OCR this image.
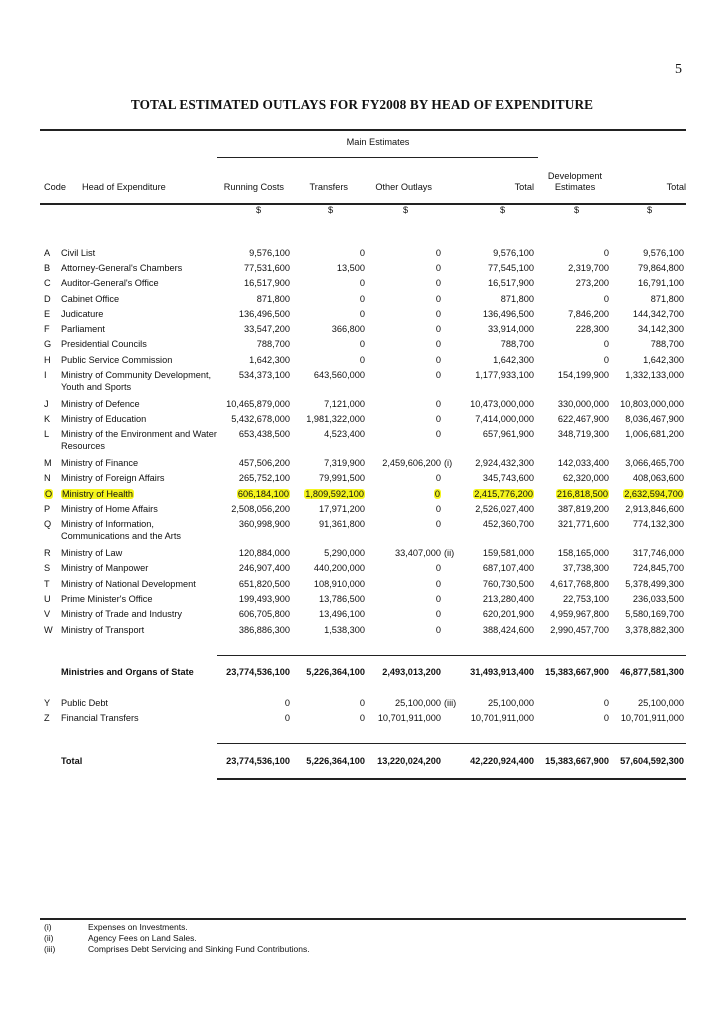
5
TOTAL ESTIMATED OUTLAYS FOR FY2008 BY HEAD OF EXPENDITURE
Main Estimates
Code Head of Expenditure	Running Costs	Transfers	Other Outlays	Total
Development
Estimates	Total
$	$	$	$	$	$
A Civil List	9,576,100	0	0	9,576,100	0	9,576,100
B Attorney-General's Chambers	77,531,600	13,500	0	77,545,100	2,319,700	79,864,800
C Auditor-General's Office	16,517,900	0	0	16,517,900	273,200	16,791,100
D Cabinet Office	871,800	0	0	871,800	0	871,800
E Judicature	136,496,500	0	0	136,496,500	7,846,200	144,342,700
F Parliament	33,547,200	366,800	0	33,914,000	228,300	34,142,300
G Presidential Councils	788,700	0	0	788,700	0	788,700
H Public Service Commission	1,642,300	0	0	1,642,300	0	1,642,300
I Ministry of Community Development,
Youth and Sports
534,373,100	643,560,000	0	1,177,933,100	154,199,900 1,332,133,000
J Ministry of Defence	10,465,879,000	7,121,000	0	10,473,000,000	330,000,000 10,803,000,000
K Ministry of Education	5,432,678,000 1,981,322,000	0	7,414,000,000	622,467,900 8,036,467,900
L Ministry of the Environment and Water
Resources
653,438,500	4,523,400	0	657,961,900	348,719,300 1,006,681,200
M Ministry of Finance	457,506,200	7,319,900 2,459,606,200 (i)	2,924,432,300	142,033,400 3,066,465,700
N Ministry of Foreign Affairs	265,752,100	79,991,500	0	345,743,600	62,320,000	408,063,600
O Ministry of Health	606,184,100 1,809,592,100	0	2,415,776,200	216,818,500 2,632,594,700
P Ministry of Home Affairs	2,508,056,200	17,971,200	0	2,526,027,400	387,819,200 2,913,846,600
Q Ministry of Information,
Communications and the Arts
360,998,900	91,361,800	0	452,360,700	321,771,600	774,132,300
R Ministry of Law	120,884,000	5,290,000	33,407,000 (ii)	159,581,000	158,165,000	317,746,000
S Ministry of Manpower	246,907,400	440,200,000	0	687,107,400	37,738,300	724,845,700
T Ministry of National Development	651,820,500	108,910,000	0	760,730,500 4,617,768,800 5,378,499,300
U Prime Minister's Office	199,493,900	13,786,500	0	213,280,400	22,753,100	236,033,500
V Ministry of Trade and Industry	606,705,800	13,496,100	0	620,201,900 4,959,967,800 5,580,169,700
W Ministry of Transport	386,886,300	1,538,300	0	388,424,600 2,990,457,700 3,378,882,300
Ministries and Organs of State	23,774,536,100 5,226,364,100 2,493,013,200	31,493,913,400 15,383,667,900 46,877,581,300
Y Public Debt	0	0	25,100,000 (iii)	25,100,000	0	25,100,000
Z Financial Transfers	0	0 10,701,911,000	10,701,911,000	0 10,701,911,000
Total	23,774,536,100 5,226,364,100 13,220,024,200	42,220,924,400 15,383,667,900 57,604,592,300
(i)	Expenses on Investments.
(ii)	Agency Fees on Land Sales.
(iii)	Comprises Debt Servicing and Sinking Fund Contributions.
